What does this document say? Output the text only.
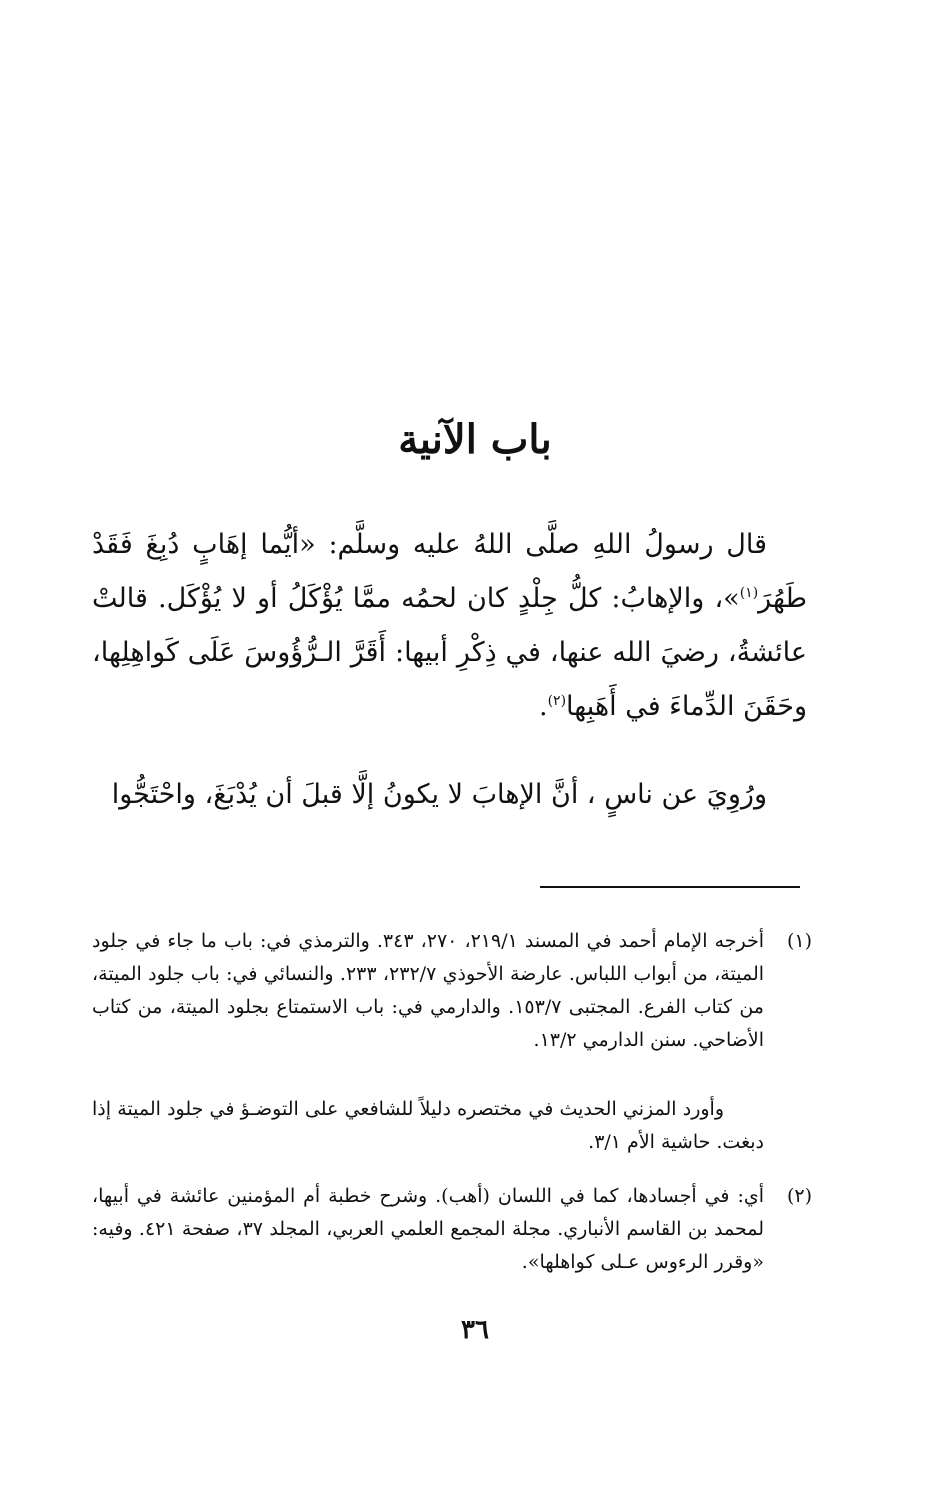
باب الآنية
قال رسولُ اللهِ صلَّى اللهُ عليه وسلَّم: «أيُّما إهَابٍ دُبِغَ فَقَدْ طَهُرَ$^{(١)}$»، والإهابُ: كلُّ جِلْدٍ كان لحمُه ممَّا يُؤْكَلُ أو لا يُؤْكَل. قالتْ عائشةُ، رضيَ الله عنها، في ذِكْرِ أبيها: أَقَرَّ الـرُّؤُوسَ عَلَى كَواهِلِها، وحَقَنَ الدِّماءَ في أَهَبِها$^{(٢)}$.
ورُوِيَ عن ناسٍ ، أنَّ الإهابَ لا يكونُ إلَّا قبلَ أن يُدْبَغَ، واحْتَجُّوا
(١)
أخرجه الإمام أحمد في المسند ٢١٩/١، ٢٧٠، ٣٤٣. والترمذي في: باب ما جاء في جلود الميتة، من أبواب اللباس. عارضة الأحوذي ٢٣٢/٧، ٢٣٣. والنسائي في: باب جلود الميتة، من كتاب الفرع. المجتبى ١٥٣/٧. والدارمي في: باب الاستمتاع بجلود الميتة، من كتاب الأضاحي. سنن الدارمي ١٣/٢.
وأورد المزني الحديث في مختصره دليلاً للشافعي على التوضـؤ في جلود الميتة إذا دبغت. حاشية الأم ٣/١.
(٢)
أي: في أجسادها، كما في اللسان (أهب). وشرح خطبة أم المؤمنين عائشة في أبيها، لمحمد بن القاسم الأنباري. مجلة المجمع العلمي العربي، المجلد ٣٧، صفحة ٤٢١. وفيه: «وقرر الرءوس عـلى كواهلها».
٣٦
